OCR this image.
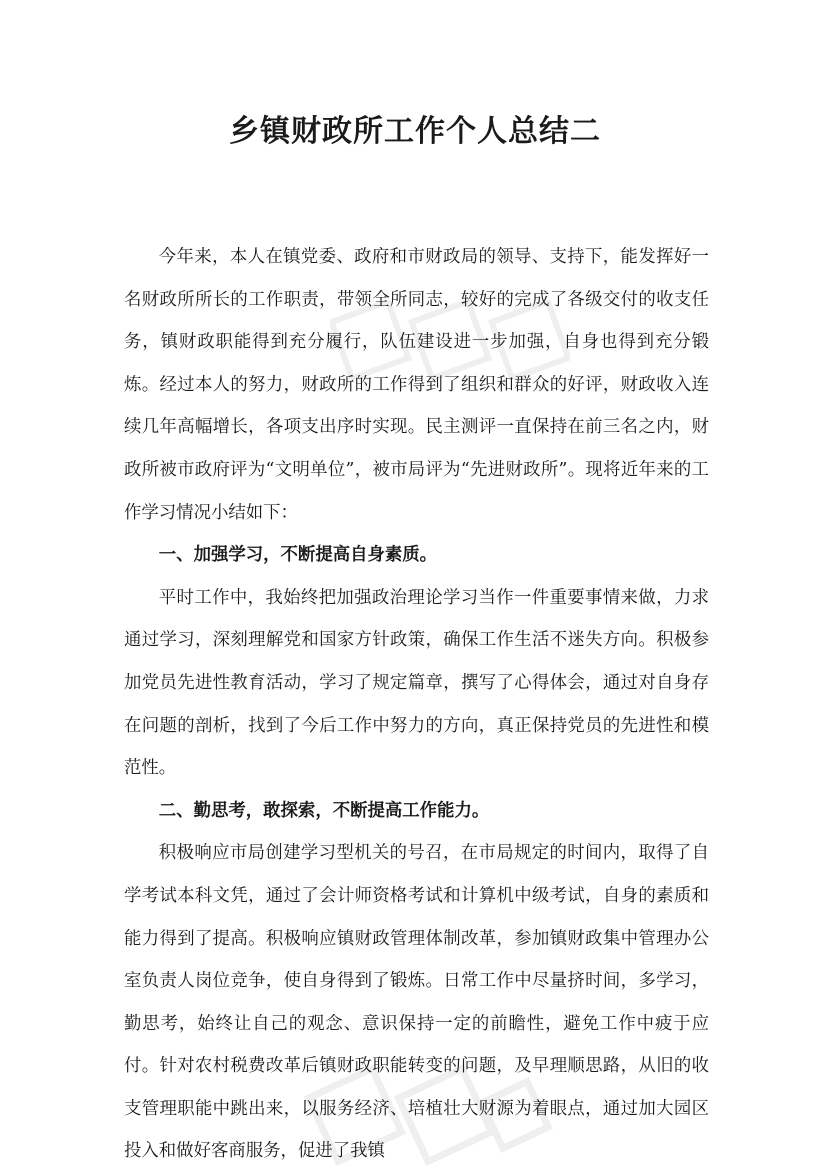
乡镇财政所工作个人总结二

今年来，本人在镇党委、政府和市财政局的领导、支持下，能发挥好一名财政所所长的工作职责，带领全所同志，较好的完成了各级交付的收支任务，镇财政职能得到充分履行，队伍建设进一步加强，自身也得到充分锻炼。经过本人的努力，财政所的工作得到了组织和群众的好评，财政收入连续几年高幅增长，各项支出序时实现。民主测评一直保持在前三名之内，财政所被市政府评为“文明单位”，被市局评为“先进财政所”。现将近年来的工作学习情况小结如下：

一、加强学习，不断提高自身素质。

平时工作中，我始终把加强政治理论学习当作一件重要事情来做，力求通过学习，深刻理解党和国家方针政策，确保工作生活不迷失方向。积极参加党员先进性教育活动，学习了规定篇章，撰写了心得体会，通过对自身存在问题的剖析，找到了今后工作中努力的方向，真正保持党员的先进性和模范性。

二、勤思考，敢探索，不断提高工作能力。

积极响应市局创建学习型机关的号召，在市局规定的时间内，取得了自学考试本科文凭，通过了会计师资格考试和计算机中级考试，自身的素质和能力得到了提高。积极响应镇财政管理体制改革，参加镇财政集中管理办公室负责人岗位竞争，使自身得到了锻炼。日常工作中尽量挤时间，多学习，勤思考，始终让自己的观念、意识保持一定的前瞻性，避免工作中疲于应付。针对农村税费改革后镇财政职能转变的问题，及早理顺思路，从旧的收支管理职能中跳出来，以服务经济、培植壮大财源为着眼点，通过加大园区投入和做好客商服务，促进了我镇
